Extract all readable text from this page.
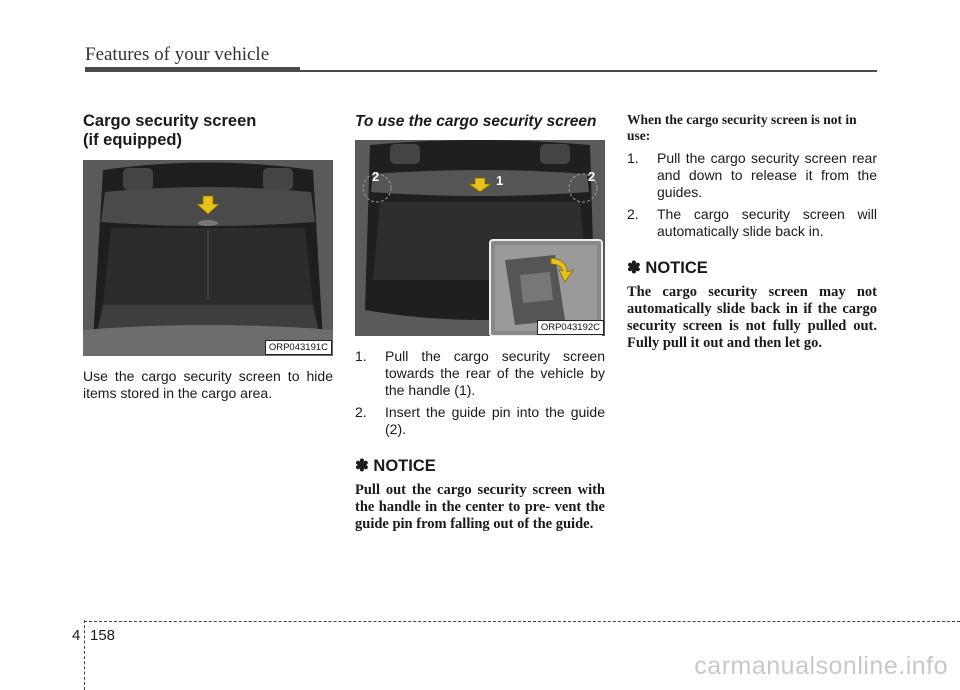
Features of your vehicle
Cargo security screen
(if equipped)
ORP043191C

Use the cargo security screen to hide items stored in the cargo area.

To use the cargo security screen
1
2	2
ORP043192C
1. Pull the cargo security screen towards the rear of the vehicle by the handle (1).
2. Insert the guide pin into the guide (2).
✽ NOTICE

Pull out the cargo security screen with the handle in the center to pre- vent the guide pin from falling out of the guide.

When the cargo security screen is not in use:
1. Pull the cargo security screen rear and down to release it from the guides.
2. The cargo security screen will automatically slide back in.
✽ NOTICE

The cargo security screen may not automatically slide back in if the cargo security screen is not fully pulled out. Fully pull it out and then let go.

4 158
carmanualsonline.info
